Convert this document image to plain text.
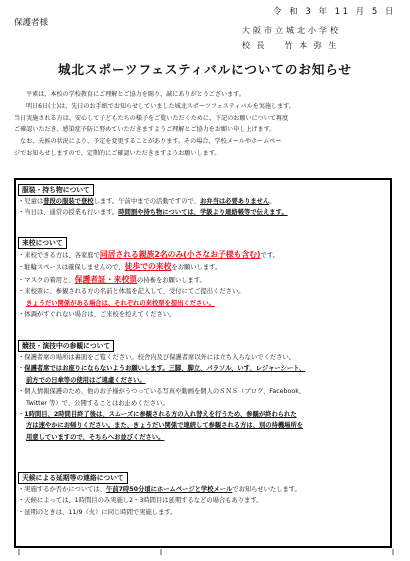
令 和 3 年 11 月 5 日
保護者様
大阪市立城北小学校
校 長 竹 本 弥 生
城北スポーツフェスティバルについてのお知らせ

平素は、本校の学校教育にご理解とご協力を賜り、誠にありがとうございます。

明日6日(土)は、先日のお手紙でお知らせしていました城北スポーツフェスティバルを実施します。

当日実施される方は、安心して子どもたちの様子をご覧いただくために、下記のお願いについて再度

ご確認いただき、感染症予防に努めていただきますようご理解とご協力をお願い申し上げます。

なお、天候の状況により、予定を変更することがあります。その場合、学校メールやホームペー

ジでお知らせしますので、定期的にご確認いただきますようお願いします。

服装・持ち物について

・児童は普段の服装で登校します。午前中までの活動ですので、お弁当は必要ありません。

・当日は、通常の授業も行います。時間割や持ち物については、学級より連絡帳等で伝えます。

来校について

・来校できる方は、各家庭で同居される親族2名のみ(小さなお子様も含む)です。

・駐輪スペースは確保しませんので、徒歩での来校をお願いします。

・マスクの着用と、保護者証・来校票の持参をお願いします。

・来校票に、参観される方の名前と体温を記入して、受付にてご提出ください。

きょうだい関係がある場合は、それぞれの来校票を提出ください。

・体調がすぐれない場合は、ご来校を控えてください。

競技・演技中の参観について

・保護者席の場所は裏面をご覧ください。校舎内及び保護者席以外には立ち入らないでください。

・保護者席ではお座りにならないようお願いします。三脚、脚立、パラソル、いす、レジャーシート、

前方での日傘等の使用はご遠慮ください。

・個人情報保護のため、他のお子様がうつっている写真や動画を個人のＳＮＳ（ブログ、Facebook、

Twitter 等）で、公開することはお止めください。

・1時間目、2時間目終了後は、スムーズに参観される方の入れ替えを行うため、参観が終わられた

方は速やかにお帰りください。また、きょうだい関係で連続して参観される方は、別の待機場所を

用意していますので、そちらへお並びください。

天候による延期等の連絡について

・実施するか否かについては、午前7時50分頃にホームページと学校メールでお知らせいたします。

・天候によっては、1時間目のみ実施し2・3時間目は延期するなどの場合もあります。

・延期のときは、11/9（火）に同じ時間で実施します。
